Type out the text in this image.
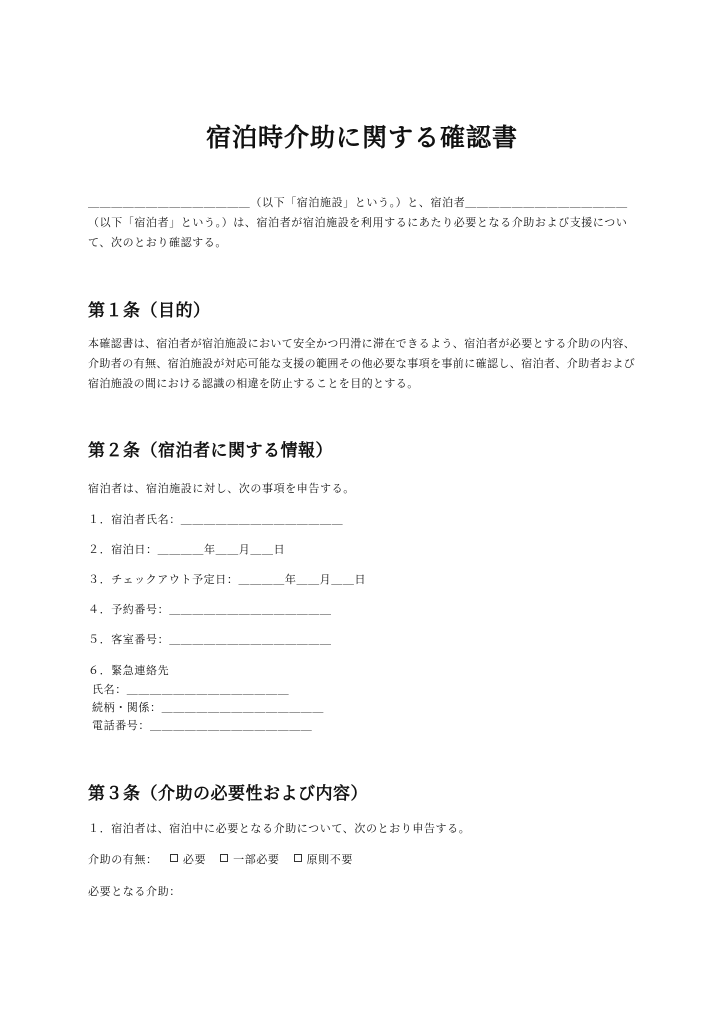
宿泊時介助に関する確認書
＿＿＿＿＿＿＿＿＿＿＿＿＿＿（以下「宿泊施設」という。）と、宿泊者＿＿＿＿＿＿＿＿＿＿＿＿＿＿（以下「宿泊者」という。）は、宿泊者が宿泊施設を利用するにあたり必要となる介助および支援について、次のとおり確認する。
第１条（目的）
本確認書は、宿泊者が宿泊施設において安全かつ円滑に滞在できるよう、宿泊者が必要とする介助の内容、介助者の有無、宿泊施設が対応可能な支援の範囲その他必要な事項を事前に確認し、宿泊者、介助者および宿泊施設の間における認識の相違を防止することを目的とする。
第２条（宿泊者に関する情報）
宿泊者は、宿泊施設に対し、次の事項を申告する。
１．宿泊者氏名：＿＿＿＿＿＿＿＿＿＿＿＿＿＿
２．宿泊日：＿＿＿＿年＿＿月＿＿日
３．チェックアウト予定日：＿＿＿＿年＿＿月＿＿日
４．予約番号：＿＿＿＿＿＿＿＿＿＿＿＿＿＿
５．客室番号：＿＿＿＿＿＿＿＿＿＿＿＿＿＿
６．緊急連絡先
氏名：＿＿＿＿＿＿＿＿＿＿＿＿＿＿
続柄・関係：＿＿＿＿＿＿＿＿＿＿＿＿＿＿
電話番号：＿＿＿＿＿＿＿＿＿＿＿＿＿＿
第３条（介助の必要性および内容）
１．宿泊者は、宿泊中に必要となる介助について、次のとおり申告する。
介助の有無： 必要 一部必要 原則不要
必要となる介助：
